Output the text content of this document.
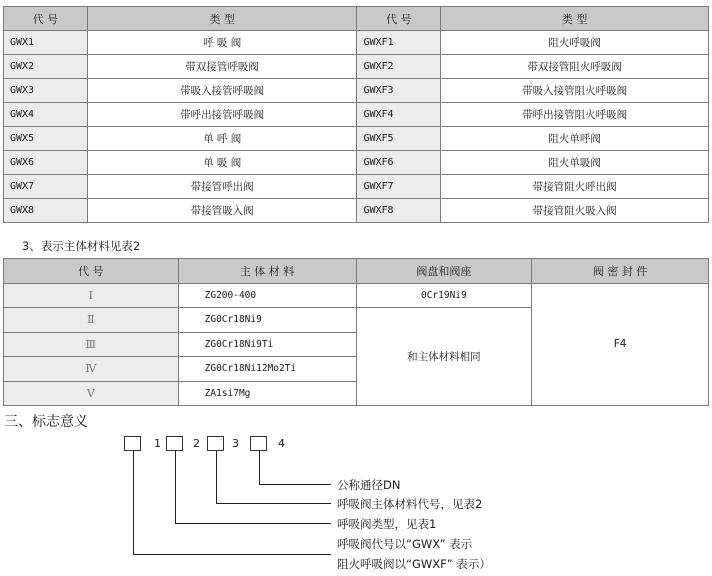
代 号	类 型	代 号	类 型
GWX1	呼 吸 阀	GWXF1	阻火呼吸阀
GWX2	带双接管呼吸阀	GWXF2	带双接管阻火呼吸阀
GWX3	带吸入接管呼吸阀	GWXF3	带吸入接管阻火呼吸阀
GWX4	带呼出接管呼吸阀	GWXF4	带呼出接管阻火呼吸阀
GWX5	单 呼 阀	GWXF5	阻火单呼阀
GWX6	单 吸 阀	GWXF6	阻火单吸阀
GWX7	带接管呼出阀	GWXF7	带接管阻火呼出阀
GWX8	带接管吸入阀	GWXF8	带接管阻火吸入阀
3、表示主体材料见表2
代 号	主 体 材 料	阀盘和阀座	阀 密 封 件
Ⅰ	ZG200-400	0Cr19Ni9	F4
Ⅱ	ZG0Cr18Ni9	和主体材料相同	
Ⅲ	ZG0Cr18Ni9Ti		
Ⅳ	ZG0Cr18Ni12Mo2Ti		
Ⅴ	ZA1si7Mg		
三、标志意义
1	2	3	4
公称通径DN
呼吸阀主体材料代号，见表2
呼吸阀类型，见表1
呼吸阀代号以“GWX” 表示
阻火呼吸阀以“GWXF” 表示）
